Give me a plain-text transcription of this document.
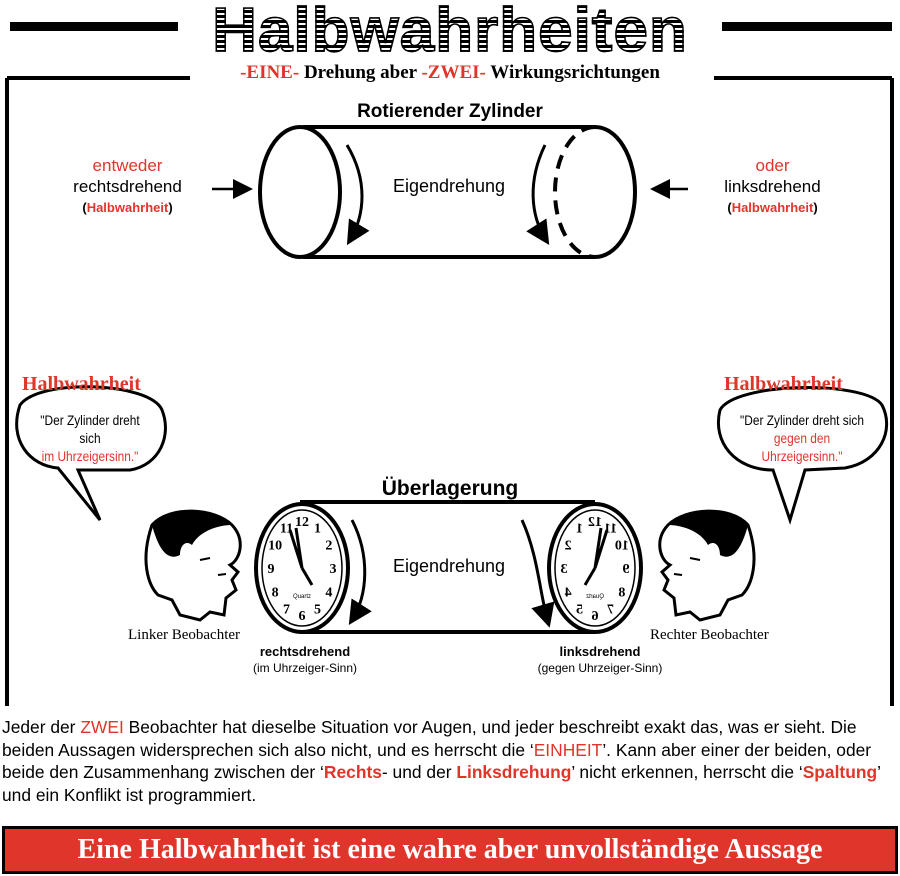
Halbwahrheiten
-EINE- Drehung aber -ZWEI- Wirkungsrichtungen
12 1
2
3
4
5
6
7
8
9
10
11
Quartz
12
1
2
3
4
5 6 7
8
9
10
11
Quartz
Rotierender Zylinder
Eigendrehung
entweder
rechtsdrehend
(Halbwahrheit)
oder
linksdrehend
(Halbwahrheit)
Halbwahrheit
"Der Zylinder dreht sich
im Uhrzeigersinn."
Linker Beobachter
Halbwahrheit
"Der Zylinder dreht sich
gegen den Uhrzeigersinn."
Rechter Beobachter
Überlagerung
Eigendrehung
rechtsdrehend
(im Uhrzeiger-Sinn)
linksdrehend
(gegen Uhrzeiger-Sinn)
Jeder der ZWEI Beobachter hat dieselbe Situation vor Augen, und jeder beschreibt exakt das, was er sieht. Die beiden Aussagen widersprechen sich also nicht, und es herrscht die ‘EINHEIT’. Kann aber einer der beiden, oder beide den Zusammenhang zwischen der ‘Rechts- und der Linksdrehung’ nicht erkennen, herrscht die ‘Spaltung’ und ein Konflikt ist programmiert.
Eine Halbwahrheit ist eine wahre aber unvollständige Aussage
